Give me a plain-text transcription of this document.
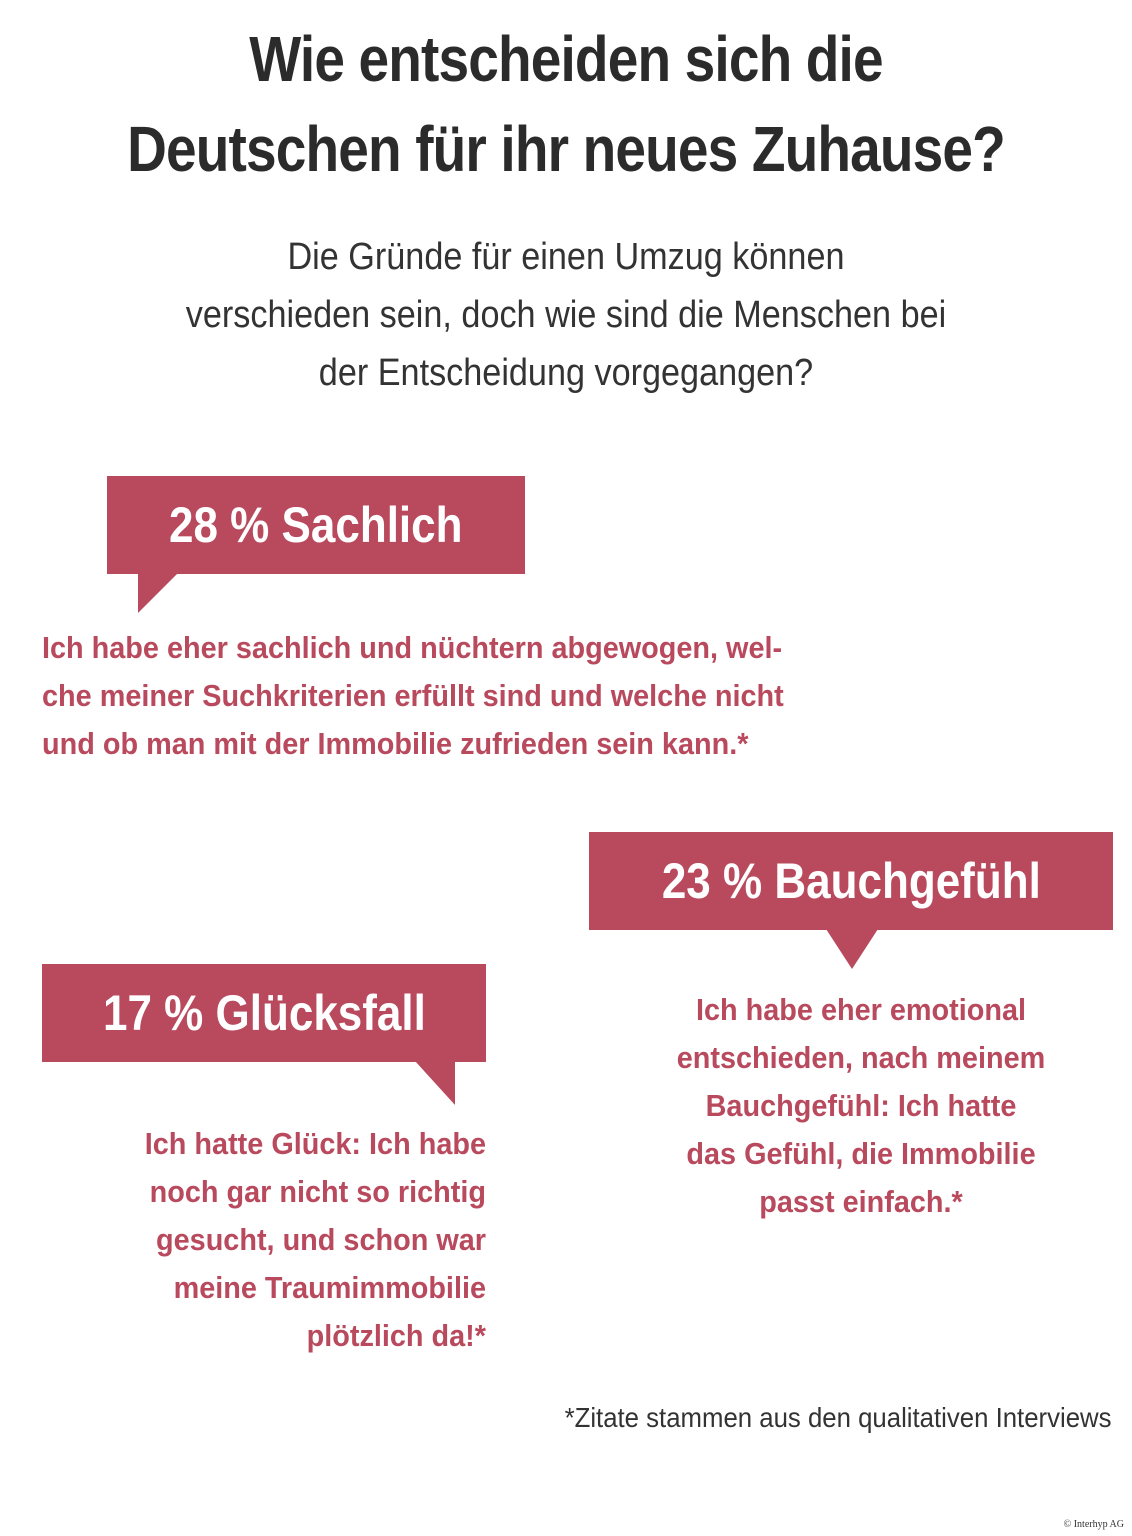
Wie entscheiden sich die
Deutschen für ihr neues Zuhause?
Die Gründe für einen Umzug können
verschieden sein, doch wie sind die Menschen bei
der Entscheidung vorgegangen?
28 % Sachlich
Ich habe eher sachlich und nüchtern abgewogen, wel-
che meiner Suchkriterien erfüllt sind und welche nicht
und ob man mit der Immobilie zufrieden sein kann.*
23 % Bauchgefühl
Ich habe eher emotional
entschieden, nach meinem
Bauchgefühl: Ich hatte
das Gefühl, die Immobilie
passt einfach.*
17 % Glücksfall
Ich hatte Glück: Ich habe
noch gar nicht so richtig
gesucht, und schon war
meine Traumimmobilie
plötzlich da!*
*Zitate stammen aus den qualitativen Interviews
© Interhyp AG
